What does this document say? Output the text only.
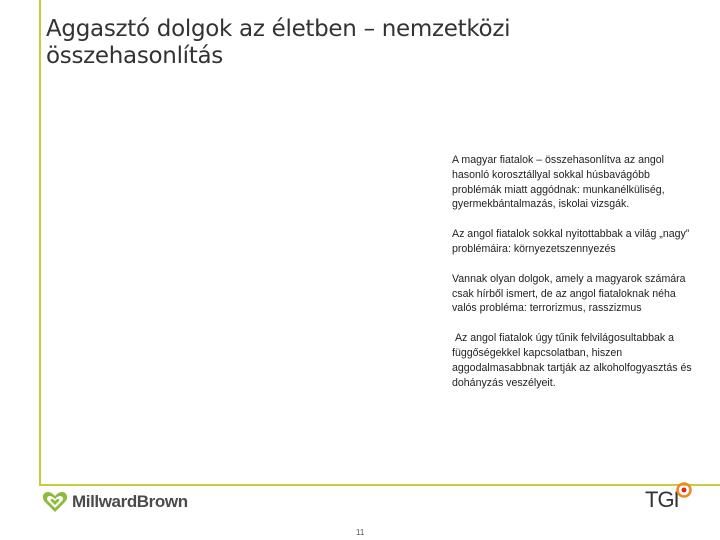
Aggasztó dolgok az életben – nemzetközi összehasonlítás

A magyar fiatalok – összehasonlítva az angol hasonló korosztállyal sokkal húsbavágóbb problémák miatt aggódnak: munkanélküliség, gyermekbántalmazás, iskolai vizsgák.

Az angol fiatalok sokkal nyitottabbak a világ „nagy” problémáira: környezetszennyezés

Vannak olyan dolgok, amely a magyarok számára csak hírből ismert, de az angol fiataloknak néha valós probléma: terrorizmus, rasszizmus

Az angol fiatalok úgy tűnik felvilágosultabbak a függőségekkel kapcsolatban, hiszen aggodalmasabbnak tartják az alkoholfogyasztás és  dohányzás veszélyeit.

MillwardBrown	TGI
11
